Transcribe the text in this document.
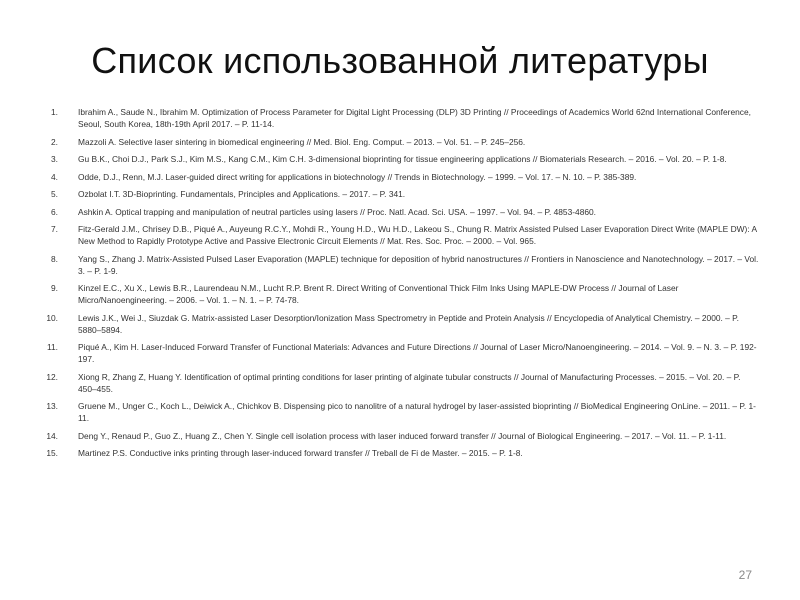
Список использованной литературы
1. Ibrahim A., Saude N., Ibrahim M. Optimization of Process Parameter for Digital Light Processing (DLP) 3D Printing // Proceedings of Academics World 62nd International Conference, Seoul, South Korea, 18th-19th April 2017. – P. 11-14.
2. Mazzoli A. Selective laser sintering in biomedical engineering // Med. Biol. Eng. Comput. – 2013. – Vol. 51. – P. 245–256.
3. Gu B.K., Choi D.J., Park S.J., Kim M.S., Kang C.M., Kim C.H. 3-dimensional bioprinting for tissue engineering applications // Biomaterials Research. – 2016. – Vol. 20. – P. 1-8.
4. Odde, D.J., Renn, M.J. Laser-guided direct writing for applications in biotechnology // Trends in Biotechnology. – 1999. – Vol. 17. – N. 10. – P. 385-389.
5. Ozbolat I.T. 3D-Bioprinting. Fundamentals, Principles and Applications. – 2017. – P. 341.
6. Ashkin A. Optical trapping and manipulation of neutral particles using lasers // Proc. Natl. Acad. Sci. USA. – 1997. – Vol. 94. – P. 4853-4860.
7. Fitz-Gerald J.M., Chrisey D.B., Piqué A., Auyeung R.C.Y., Mohdi R., Young H.D., Wu H.D., Lakeou S., Chung R. Matrix Assisted Pulsed Laser Evaporation Direct Write (MAPLE DW): A New Method to Rapidly Prototype Active and Passive Electronic Circuit Elements // Mat. Res. Soc. Proc. – 2000. – Vol. 965.
8. Yang S., Zhang J. Matrix-Assisted Pulsed Laser Evaporation (MAPLE) technique for deposition of hybrid nanostructures // Frontiers in Nanoscience and Nanotechnology. – 2017. – Vol. 3. – P. 1-9.
9. Kinzel E.C., Xu X., Lewis B.R., Laurendeau N.M., Lucht R.P. Brent R. Direct Writing of Conventional Thick Film Inks Using MAPLE-DW Process // Journal of Laser Micro/Nanoengineering. – 2006. – Vol. 1. – N. 1. – P. 74-78.
10. Lewis J.K., Wei J., Siuzdak G. Matrix-assisted Laser Desorption/Ionization Mass Spectrometry in Peptide and Protein Analysis // Encyclopedia of Analytical Chemistry. – 2000. – P. 5880–5894.
11. Piqué A., Kim H. Laser-Induced Forward Transfer of Functional Materials: Advances and Future Directions // Journal of Laser Micro/Nanoengineering. – 2014. – Vol. 9. – N. 3. – P. 192-197.
12. Xiong R, Zhang Z, Huang Y. Identification of optimal printing conditions for laser printing of alginate tubular constructs // Journal of Manufacturing Processes. – 2015. – Vol. 20. – P. 450–455.
13. Gruene M., Unger C., Koch L., Deiwick A., Chichkov B. Dispensing pico to nanolitre of a natural hydrogel by laser-assisted bioprinting // BioMedical Engineering OnLine. – 2011. – P. 1-11.
14. Deng Y., Renaud P., Guo Z., Huang Z., Chen Y. Single cell isolation process with laser induced forward transfer // Journal of Biological Engineering. – 2017. – Vol. 11. – P. 1-11.
15. Martinez P.S. Conductive inks printing through laser-induced forward transfer // Treball de Fi de Master. – 2015. – P. 1-8.
27
